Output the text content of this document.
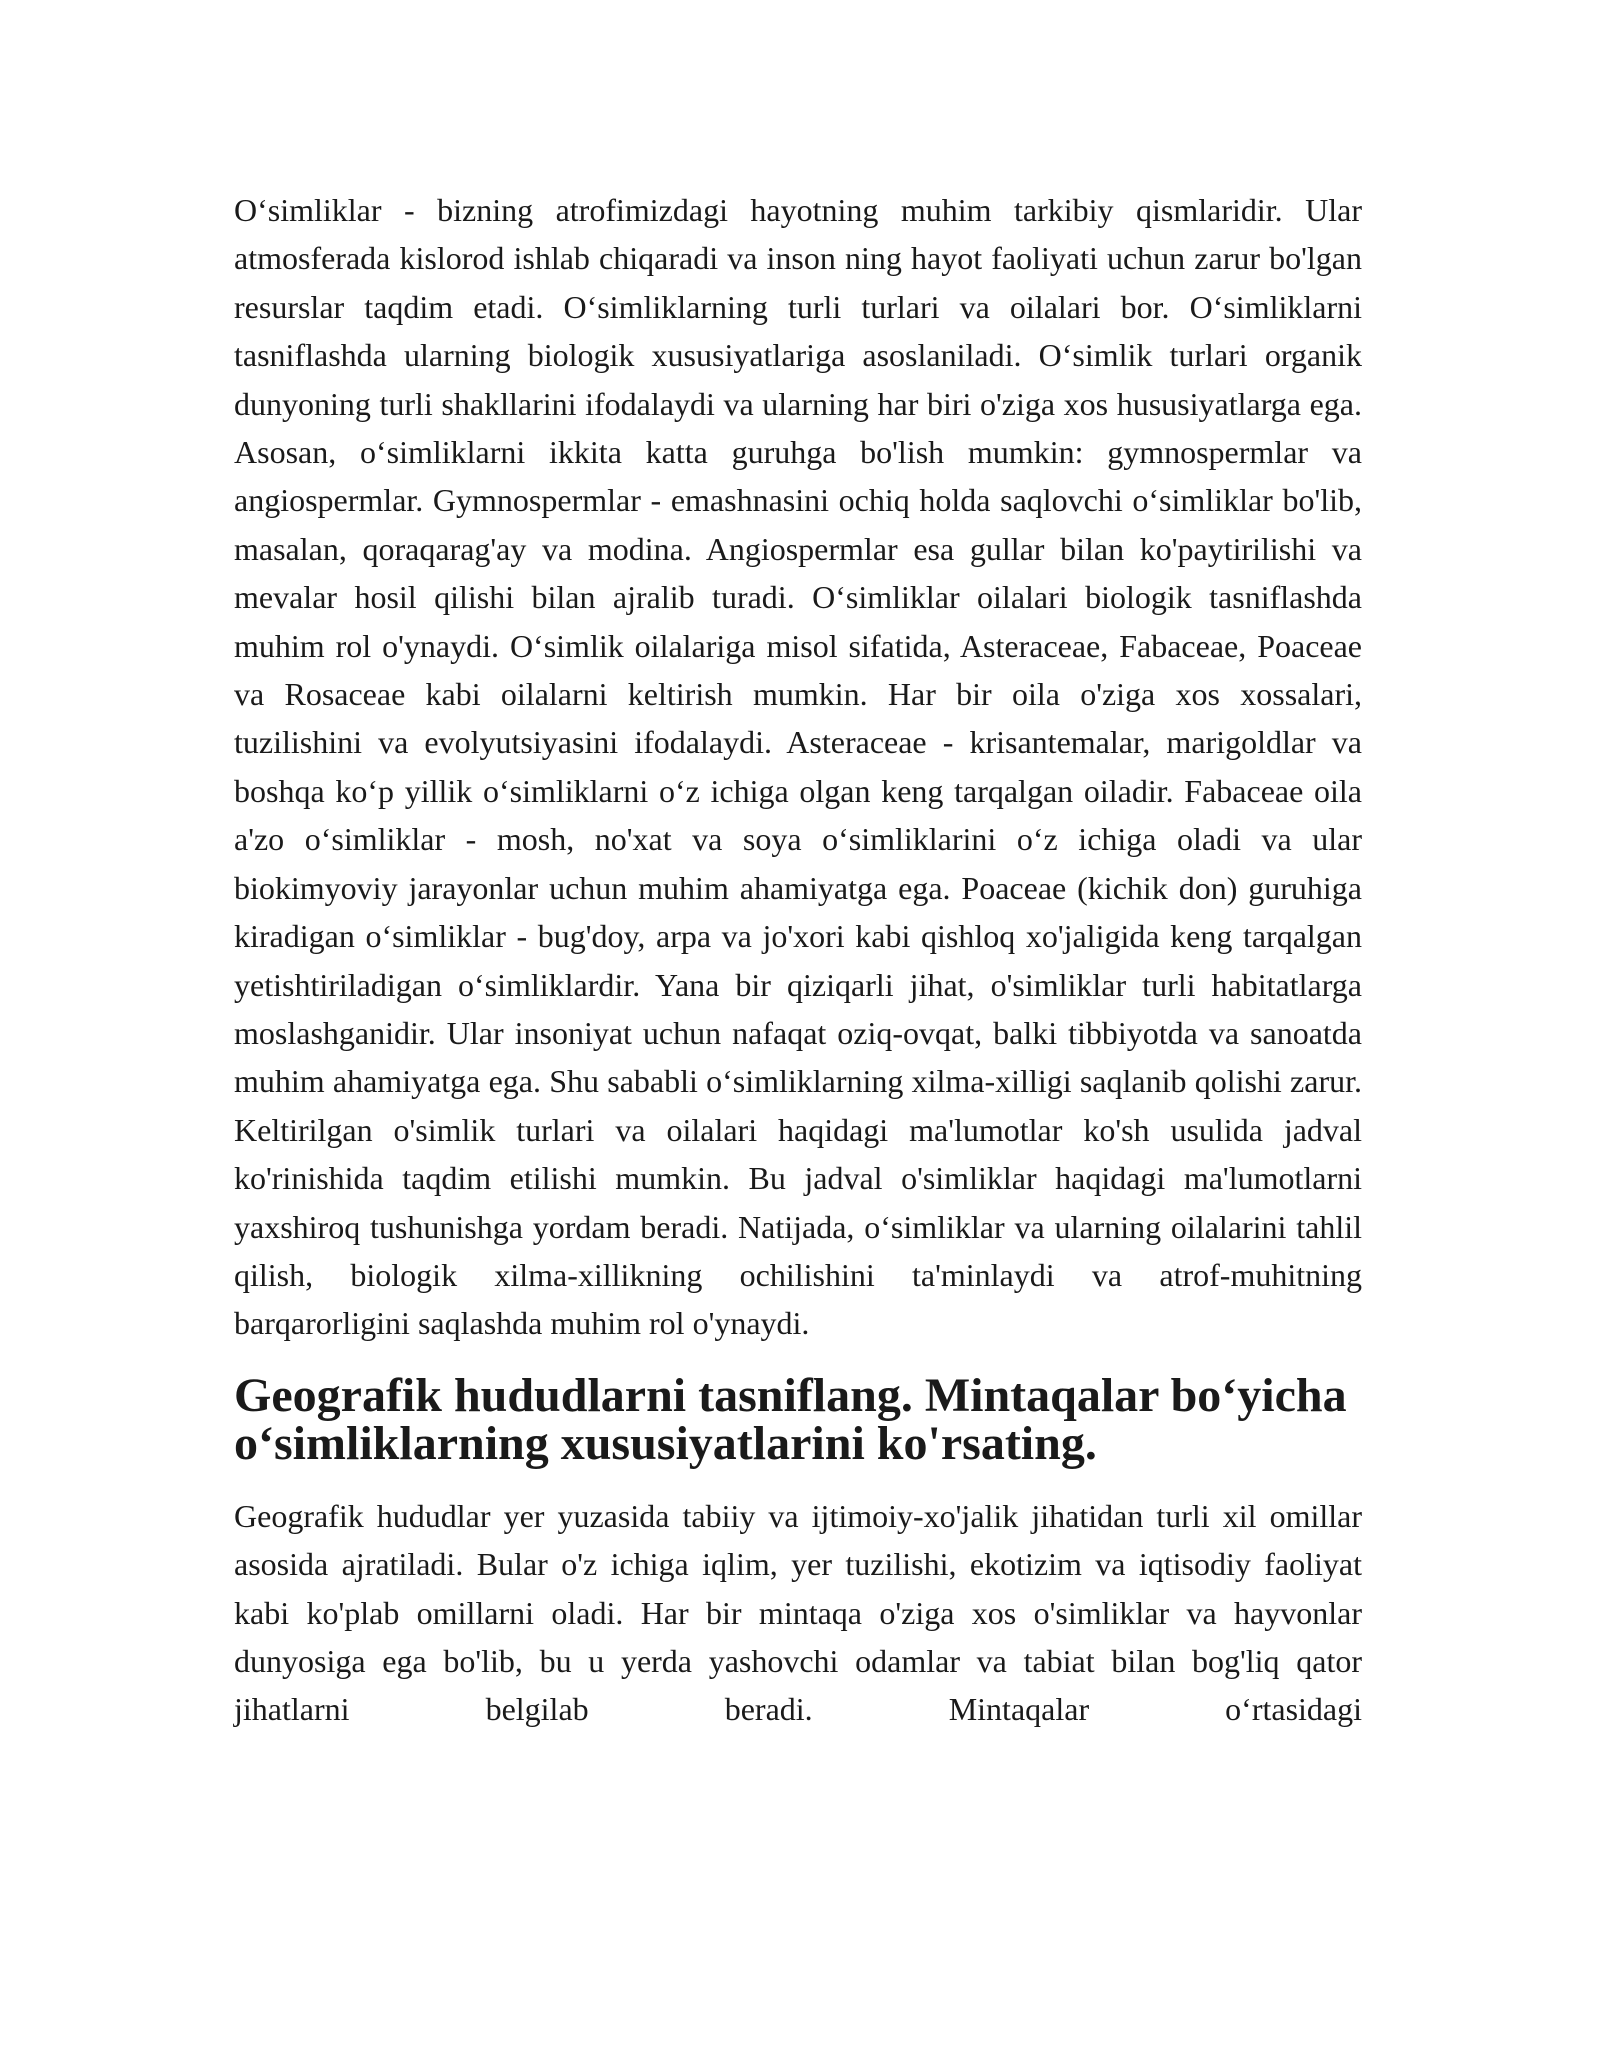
O‘simliklar - bizning atrofimizdagi hayotning muhim tarkibiy qismlaridir. Ular atmosferada kislorod ishlab chiqaradi va inson ning hayot faoliyati uchun zarur bo'lgan resurslar taqdim etadi. O‘simliklarning turli turlari va oilalari bor. O‘simliklarni tasniflashda ularning biologik xususiyatlariga asoslaniladi. O‘simlik turlari organik dunyoning turli shakllarini ifodalaydi va ularning har biri o'ziga xos hususiyatlarga ega. Asosan, o‘simliklarni ikkita katta guruhga bo'lish mumkin: gymnospermlar va angiospermlar. Gymnospermlar - emashnasini ochiq holda saqlovchi o‘simliklar bo'lib, masalan, qoraqarag'ay va modina. Angiospermlar esa gullar bilan ko'paytirilishi va mevalar hosil qilishi bilan ajralib turadi. O‘simliklar oilalari biologik tasniflashda muhim rol o'ynaydi. O‘simlik oilalariga misol sifatida, Asteraceae, Fabaceae, Poaceae va Rosaceae kabi oilalarni keltirish mumkin. Har bir oila o'ziga xos xossalari, tuzilishini va evolyutsiyasini ifodalaydi. Asteraceae - krisantemalar, marigoldlar va boshqa ko‘p yillik o‘simliklarni o‘z ichiga olgan keng tarqalgan oiladir. Fabaceae oila a'zo o‘simliklar - mosh, no'xat va soya o‘simliklarini o‘z ichiga oladi va ular biokimyoviy jarayonlar uchun muhim ahamiyatga ega. Poaceae (kichik don) guruhiga kiradigan o‘simliklar - bug'doy, arpa va jo'xori kabi qishloq xo'jaligida keng tarqalgan yetishtiriladigan o‘simliklardir. Yana bir qiziqarli jihat, o'simliklar turli habitatlarga moslashganidir. Ular insoniyat uchun nafaqat oziq-ovqat, balki tibbiyotda va sanoatda muhim ahamiyatga ega. Shu sababli o‘simliklarning xilma-xilligi saqlanib qolishi zarur. Keltirilgan o'simlik turlari va oilalari haqidagi ma'lumotlar ko'sh usulida jadval ko'rinishida taqdim etilishi mumkin. Bu jadval o'simliklar haqidagi ma'lumotlarni yaxshiroq tushunishga yordam beradi. Natijada, o‘simliklar va ularning oilalarini tahlil qilish, biologik xilma-xillikning ochilishini ta'minlaydi va atrof-muhitning barqarorligini saqlashda muhim rol o'ynaydi.

Geografik hududlarni tasniflang. Mintaqalar bo‘yicha o‘simliklarning xususiyatlarini ko'rsating.

Geografik hududlar yer yuzasida tabiiy va ijtimoiy-xo'jalik jihatidan turli xil omillar asosida ajratiladi. Bular o'z ichiga iqlim, yer tuzilishi, ekotizim va iqtisodiy faoliyat kabi ko'plab omillarni oladi. Har bir mintaqa o'ziga xos o'simliklar va hayvonlar dunyosiga ega bo'lib, bu u yerda yashovchi odamlar va tabiat bilan bog'liq qator jihatlarni belgilab beradi. Mintaqalar o‘rtasidagi
